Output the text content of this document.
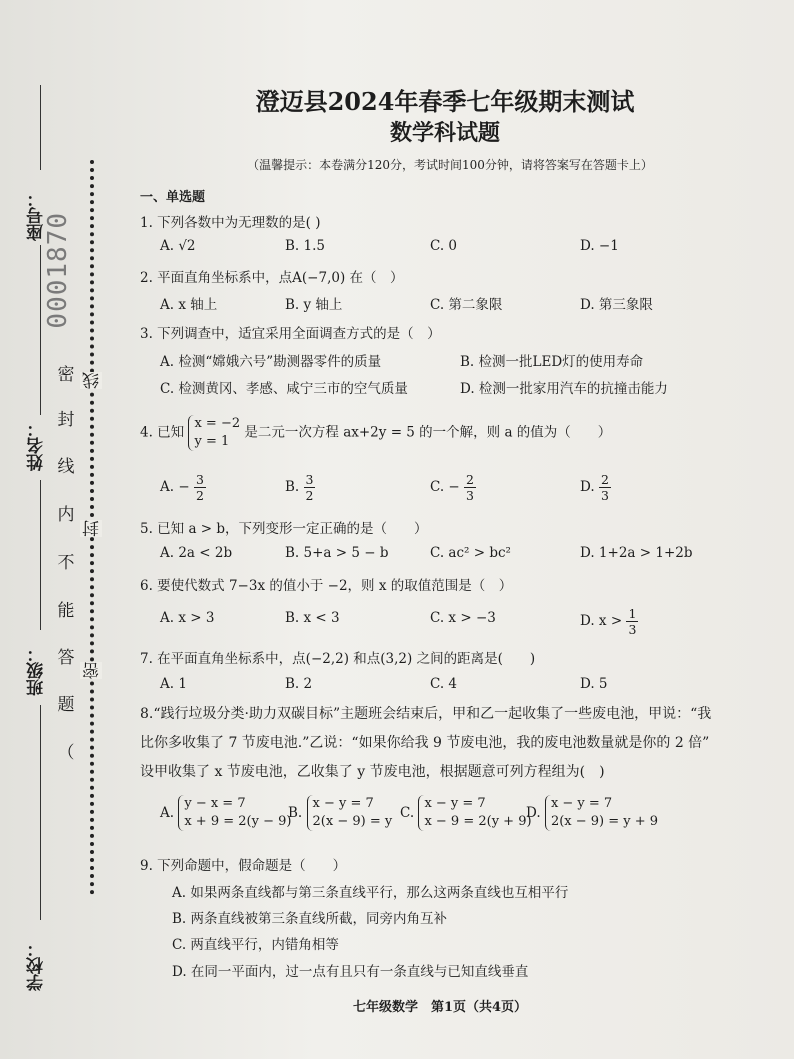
座号：
姓名：
班级：
学校：
0001870
密
封
线
内
不
能
答
题
（
线
封
密
澄迈县2024年春季七年级期末测试
数学科试题
（温馨提示：本卷满分120分，考试时间100分钟，请将答案写在答题卡上）
一、单选题
1. 下列各数中为无理数的是( )
A. √2	B. 1.5	C. 0	D. −1
2. 平面直角坐标系中，点A(−7,0) 在（　）
A. x 轴上	B. y 轴上	C. 第二象限	D. 第三象限
3. 下列调查中，适宜采用全面调查方式的是（　）
A. 检测“嫦娥六号”勘测器零件的质量	B. 检测一批LED灯的使用寿命
C. 检测黄冈、孝感、咸宁三市的空气质量	D. 检测一批家用汽车的抗撞击能力
4. 已知
x = −2
y = 1
是二元一次方程 ax+2y = 5 的一个解，则 a 的值为（　　）
A. − $\frac{3}{2}$	B. $\frac{3}{2}$	C. − $\frac{2}{3}$	D. $\frac{2}{3}$
5. 已知 a > b，下列变形一定正确的是（　　）
A. 2a < 2b	B. 5+a > 5 − b	C. ac² > bc²	D. 1+2a > 1+2b
6. 要使代数式 7−3x 的值小于 −2，则 x 的取值范围是（　）
A. x > 3	B. x < 3	C. x > −3	D. $x > \frac{1}{3}$
7. 在平面直角坐标系中，点(−2,2) 和点(3,2) 之间的距离是(　　)
A. 1	B. 2	C. 4	D. 5
8.“践行垃圾分类·助力双碳目标”主题班会结束后，甲和乙一起收集了一些废电池，甲说：“我
比你多收集了 7 节废电池.”乙说：“如果你给我 9 节废电池，我的废电池数量就是你的 2 倍”
设甲收集了 x 节废电池，乙收集了 y 节废电池，根据题意可列方程组为(　)
A.
y − x = 7
x + 9 = 2(y − 9)
B.
x − y = 7
2(x − 9) = y
C.
x − y = 7
x − 9 = 2(y + 9)
D.
x − y = 7
2(x − 9) = y + 9
9. 下列命题中，假命题是（　　）
A. 如果两条直线都与第三条直线平行，那么这两条直线也互相平行
B. 两条直线被第三条直线所截，同旁内角互补
C. 两直线平行，内错角相等
D. 在同一平面内，过一点有且只有一条直线与已知直线垂直
七年级数学　第1页（共4页）
